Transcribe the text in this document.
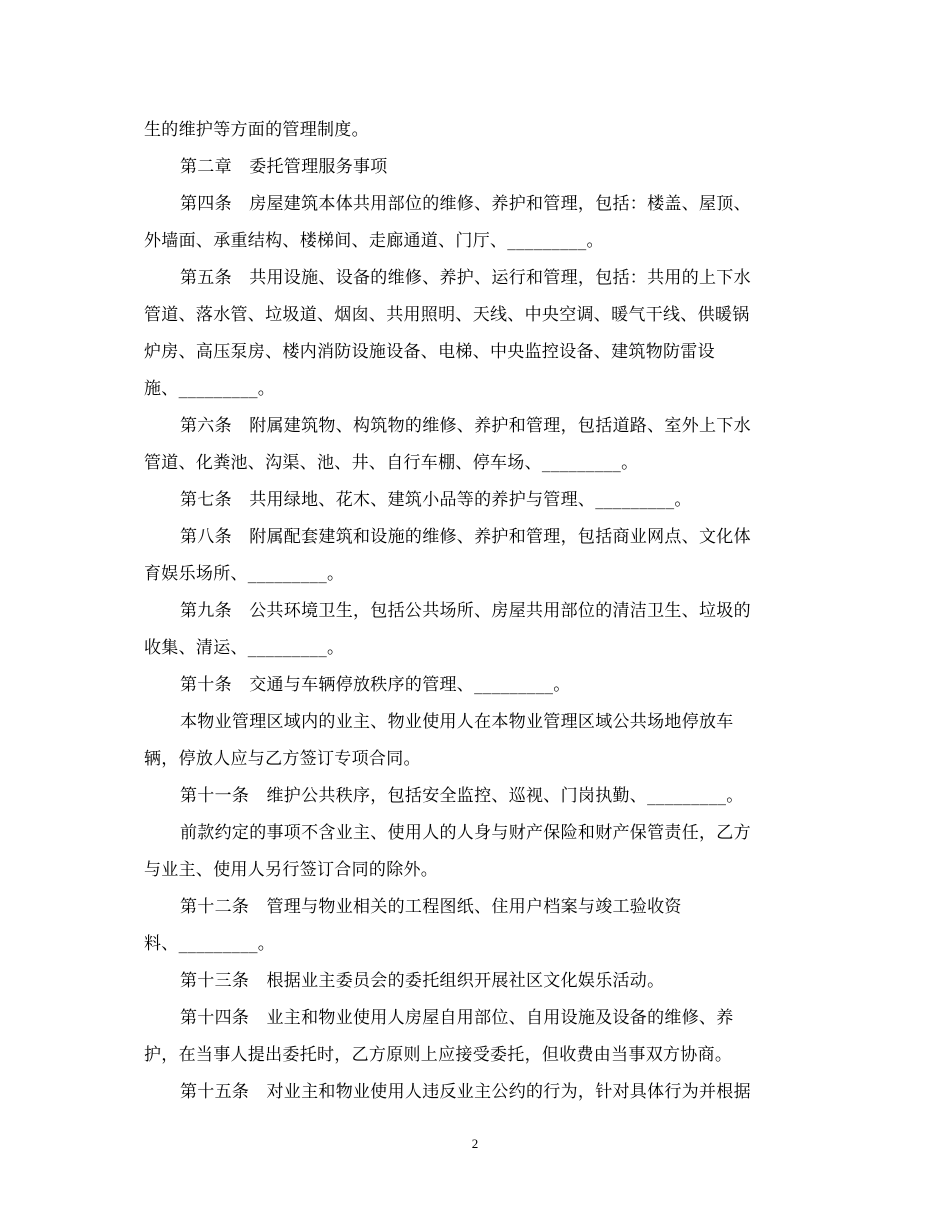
生的维护等方面的管理制度。
第二章　委托管理服务事项
第四条　房屋建筑本体共用部位的维修、养护和管理，包括：楼盖、屋顶、
外墙面、承重结构、楼梯间、走廊通道、门厅、_________。
第五条　共用设施、设备的维修、养护、运行和管理，包括：共用的上下水
管道、落水管、垃圾道、烟囱、共用照明、天线、中央空调、暖气干线、供暖锅
炉房、高压泵房、楼内消防设施设备、电梯、中央监控设备、建筑物防雷设
施、_________。
第六条　附属建筑物、构筑物的维修、养护和管理，包括道路、室外上下水
管道、化粪池、沟渠、池、井、自行车棚、停车场、_________。
第七条　共用绿地、花木、建筑小品等的养护与管理、_________。
第八条　附属配套建筑和设施的维修、养护和管理，包括商业网点、文化体
育娱乐场所、_________。
第九条　公共环境卫生，包括公共场所、房屋共用部位的清洁卫生、垃圾的
收集、清运、_________。
第十条　交通与车辆停放秩序的管理、_________。
本物业管理区域内的业主、物业使用人在本物业管理区域公共场地停放车
辆，停放人应与乙方签订专项合同。
第十一条　维护公共秩序，包括安全监控、巡视、门岗执勤、_________。
前款约定的事项不含业主、使用人的人身与财产保险和财产保管责任，乙方
与业主、使用人另行签订合同的除外。
第十二条　管理与物业相关的工程图纸、住用户档案与竣工验收资
料、_________。
第十三条　根据业主委员会的委托组织开展社区文化娱乐活动。
第十四条　业主和物业使用人房屋自用部位、自用设施及设备的维修、养
护，在当事人提出委托时，乙方原则上应接受委托，但收费由当事双方协商。
第十五条　对业主和物业使用人违反业主公约的行为，针对具体行为并根据
2
